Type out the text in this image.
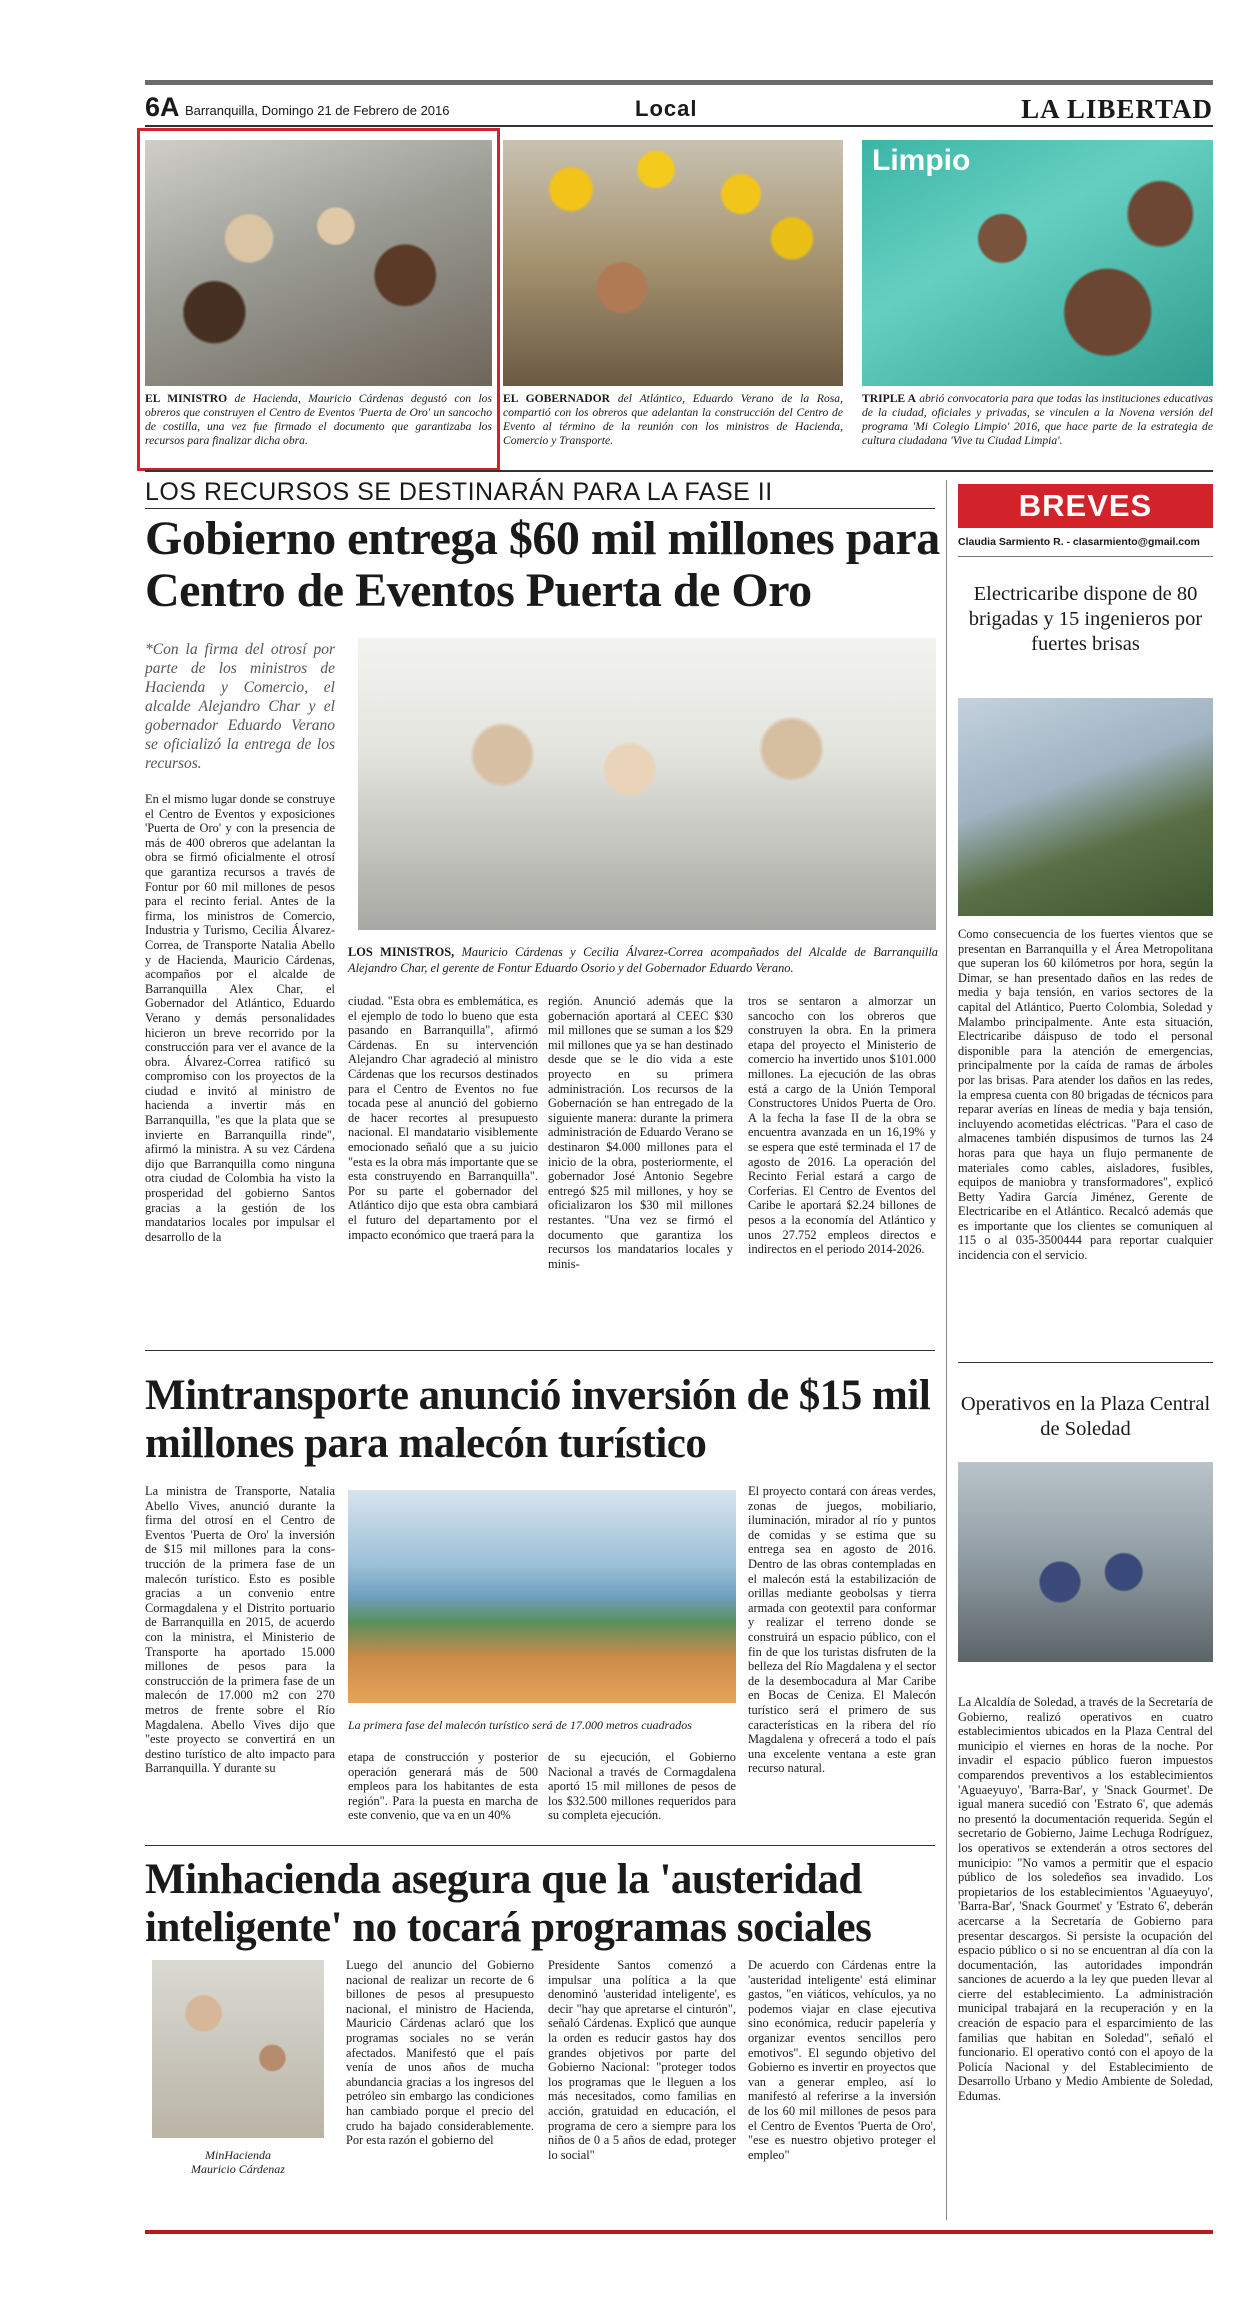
6A Barranquilla, Domingo 21 de Febrero de 2016	Local	LA LIBERTAD
EL MINISTRO de Hacienda, Mauricio Cárdenas degustó con los obreros que construyen el Centro de Eventos 'Puerta de Oro' un sancocho de costilla, una vez fue firmado el documento que garantizaba los recursos para finalizar dicha obra.
EL GOBERNADOR del Atlántico, Eduardo Verano de la Rosa, compartió con los obreros que adelantan la construcción del Centro de Evento al término de la reunión con los ministros de Hacienda, Comercio y Transporte.
Limpio
TRIPLE A abrió convocatoria para que todas las instituciones educativas de la ciudad, oficiales y privadas, se vinculen a la Novena versión del programa 'Mi Colegio Limpio' 2016, que hace parte de la estrategia de cultura ciudadana 'Vive tu Ciudad Limpia'.
LOS RECURSOS SE DESTINARÁN PARA LA FASE II
Gobierno entrega $60 mil millones para Centro de Eventos Puerta de Oro
*Con la firma del otrosí por parte de los ministros de Hacienda y Comercio, el alcalde Alejandro Char y el gobernador Eduardo Verano se oficializó la entrega de los recursos.
LOS MINISTROS, Mauricio Cárdenas y Cecilia Álvarez-Correa acompañados del Alcalde de Barranquilla Alejandro Char, el gerente de Fontur Eduardo Osorio y del Gobernador Eduardo Verano.
En el mismo lugar donde se construye el Centro de Eventos y exposiciones 'Puerta de Oro' y con la presencia de más de 400 obreros que adelantan la obra se firmó oficialmente el otrosí que garantiza recursos a través de Fontur por 60 mil millones de pesos para el recinto ferial. Antes de la firma, los ministros de Comercio, Industria y Turismo, Cecilia Álvarez-Correa, de Transporte Natalia Abello y de Hacienda, Mauricio Cárdenas, acompaños por el alcalde de Barranquilla Alex Char, el Gobernador del Atlántico, Eduardo Verano y demás personalidades hicieron un breve recorrido por la construcción para ver el avance de la obra. Álvarez-Correa ratificó su compromiso con los proyectos de la ciudad e invitó al ministro de hacienda a invertir más en Barranquilla, "es que la plata que se invierte en Barranquilla rinde", afirmó la ministra. A su vez Cárdena dijo que Barranquilla como ninguna otra ciudad de Colombia ha visto la prosperidad del gobierno Santos gracias a la gestión de los mandatarios locales por impulsar el desarrollo de la
ciudad. "Esta obra es emblemática, es el ejemplo de todo lo bueno que esta pasando en Barranquilla", afirmó Cárdenas. En su intervención Alejandro Char agradeció al ministro Cárdenas que los recursos destinados para el Centro de Eventos no fue tocada pese al anunció del gobierno de hacer recortes al presupuesto nacional. El mandatario visiblemente emocionado señaló que a su juicio "esta es la obra más importante que se esta construyendo en Barranquilla". Por su parte el gobernador del Atlántico dijo que esta obra cambiará el futuro del departamento por el impacto económico que traerá para la
región. Anunció además que la gobernación aportará al CEEC $30 mil millones que se suman a los $29 mil millones que ya se han destinado desde que se le dio vida a este proyecto en su primera administración. Los recursos de la Gobernación se han entregado de la siguiente manera: durante la primera administración de Eduardo Verano se destinaron $4.000 millones para el inicio de la obra, posteriormente, el gobernador José Antonio Segebre entregó $25 mil millones, y hoy se oficializaron los $30 mil millones restantes. "Una vez se firmó el documento que garantiza los recursos los mandatarios locales y minis-
tros se sentaron a almorzar un sancocho con los obreros que construyen la obra. En la primera etapa del proyecto el Ministerio de comercio ha invertido unos $101.000 millones. La ejecución de las obras está a cargo de la Unión Temporal Constructores Unidos Puerta de Oro. A la fecha la fase II de la obra se encuentra avanzada en un 16,19% y se espera que esté terminada el 17 de agosto de 2016. La operación del Recinto Ferial estará a cargo de Corferias. El Centro de Eventos del Caribe le aportará $2.24 billones de pesos a la economía del Atlántico y unos 27.752 empleos directos e indirectos en el periodo 2014-2026.
Mintransporte anunció inversión de $15 mil millones para malecón turístico
La ministra de Transporte, Natalia Abello Vives, anunció durante la firma del otrosí en el Centro de Eventos 'Puerta de Oro' la inversión de $15 mil millones para la cons-trucción de la primera fase de un malecón turístico. Esto es posible gracias a un convenio entre Cormagdalena y el Distrito portuario de Barranquilla en 2015, de acuerdo con la ministra, el Ministerio de Transporte ha aportado 15.000 millones de pesos para la construcción de la primera fase de un malecón de 17.000 m2 con 270 metros de frente sobre el Río Magdalena. Abello Vives dijo que "este proyecto se convertirá en un destino turístico de alto impacto para Barranquilla. Y durante su
La primera fase del malecón turístico será de 17.000 metros cuadrados
etapa de construcción y posterior operación generará más de 500 empleos para los habitantes de esta región". Para la puesta en marcha de este convenio, que va en un 40%
de su ejecución, el Gobierno Nacional a través de Cormagdalena aportó 15 mil millones de pesos de los $32.500 millones requeridos para su completa ejecución.
El proyecto contará con áreas verdes, zonas de juegos, mobiliario, iluminación, mirador al río y puntos de comidas y se estima que su entrega sea en agosto de 2016. Dentro de las obras contempladas en el malecón está la estabilización de orillas mediante geobolsas y tierra armada con geotextil para conformar y realizar el terreno donde se construirá un espacio público, con el fin de que los turistas disfruten de la belleza del Río Magdalena y el sector de la desembocadura al Mar Caribe en Bocas de Ceniza. El Malecón turístico será el primero de sus características en la ribera del río Magdalena y ofrecerá a todo el país una excelente ventana a este gran recurso natural.
Minhacienda asegura que la 'austeridad inteligente' no tocará programas sociales
MinHacienda
Mauricio Cárdenaz
Luego del anuncio del Gobierno nacional de realizar un recorte de 6 billones de pesos al presupuesto nacional, el ministro de Hacienda, Mauricio Cárdenas aclaró que los programas sociales no se verán afectados. Manifestó que el país venía de unos años de mucha abundancia gracias a los ingresos del petróleo sin embargo las condiciones han cambiado porque el precio del crudo ha bajado considerablemente. Por esta razón el gobierno del
Presidente Santos comenzó a impulsar una política a la que denominó 'austeridad inteligente', es decir "hay que apretarse el cinturón", señaló Cárdenas. Explicó que aunque la orden es reducir gastos hay dos grandes objetivos por parte del Gobierno Nacional: "proteger todos los programas que le lleguen a los más necesitados, como familias en acción, gratuidad en educación, el programa de cero a siempre para los niños de 0 a 5 años de edad, proteger lo social"
De acuerdo con Cárdenas entre la 'austeridad inteligente' está eliminar gastos, "en viáticos, vehículos, ya no podemos viajar en clase ejecutiva sino económica, reducir papelería y organizar eventos sencillos pero emotivos". El segundo objetivo del Gobierno es invertir en proyectos que van a generar empleo, así lo manifestó al referirse a la inversión de los 60 mil millones de pesos para el Centro de Eventos 'Puerta de Oro', "ese es nuestro objetivo proteger el empleo"
BREVES
Claudia Sarmiento R. - clasarmiento@gmail.com
Electricaribe dispone de 80 brigadas y 15 ingenieros por fuertes brisas
Como consecuencia de los fuertes vientos que se presentan en Barranquilla y el Área Metropolitana que superan los 60 kilómetros por hora, según la Dimar, se han presentado daños en las redes de media y baja tensión, en varios sectores de la capital del Atlántico, Puerto Colombia, Soledad y Malambo principalmente. Ante esta situación, Electricaribe dáispuso de todo el personal disponible para la atención de emergencias, principalmente por la caída de ramas de árboles por las brisas. Para atender los daños en las redes, la empresa cuenta con 80 brigadas de técnicos para reparar averías en líneas de media y baja tensión, incluyendo acometidas eléctricas. "Para el caso de almacenes también dispusimos de turnos las 24 horas para que haya un flujo permanente de materiales como cables, aisladores, fusibles, equipos de maniobra y transformadores", explicó Betty Yadira García Jiménez, Gerente de Electricaribe en el Atlántico. Recalcó además que es importante que los clientes se comuniquen al 115 o al 035-3500444 para reportar cualquier incidencia con el servicio.
Operativos en la Plaza Central de Soledad
La Alcaldía de Soledad, a través de la Secretaría de Gobierno, realizó operativos en cuatro establecimientos ubicados en la Plaza Central del municipio el viernes en horas de la noche. Por invadir el espacio público fueron impuestos comparendos preventivos a los establecimientos 'Aguaeyuyo', 'Barra-Bar', y 'Snack Gourmet'. De igual manera sucedió con 'Estrato 6', que además no presentó la documentación requerida. Según el secretario de Gobierno, Jaime Lechuga Rodríguez, los operativos se extenderán a otros sectores del municipio: "No vamos a permitir que el espacio público de los soledeños sea invadido. Los propietarios de los establecimientos 'Aguaeyuyo', 'Barra-Bar', 'Snack Gourmet' y 'Estrato 6', deberán acercarse a la Secretaría de Gobierno para presentar descargos. Si persiste la ocupación del espacio público o si no se encuentran al día con la documentación, las autoridades impondrán sanciones de acuerdo a la ley que pueden llevar al cierre del establecimiento. La administración municipal trabajará en la recuperación y en la creación de espacio para el esparcimiento de las familias que habitan en Soledad", señaló el funcionario. El operativo contó con el apoyo de la Policía Nacional y del Establecimiento de Desarrollo Urbano y Medio Ambiente de Soledad, Edumas.
